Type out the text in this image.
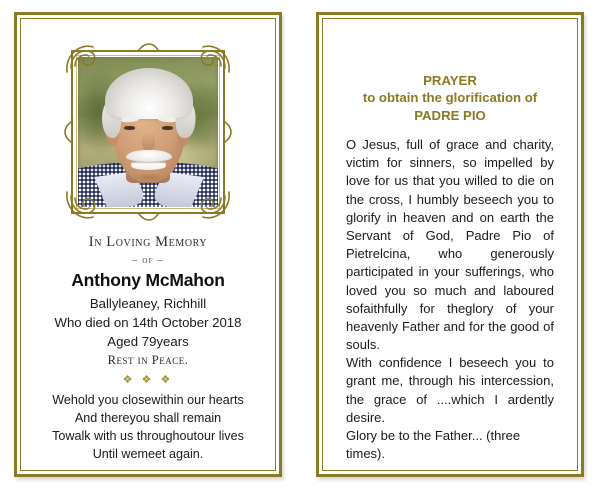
In Loving Memory
– of –
Anthony McMahon
Ballyleaney, Richhill
Who died on 14th October 2018
Aged 79years
Rest in Peace.
❖ ❖ ❖
Wehold you closewithin our hearts
And thereyou shall remain
Towalk with us throughoutour lives
Until wemeet again.
PRAYER
to obtain the glorification of
PADRE PIO

O Jesus, full of grace and charity, victim for sinners, so impelled by love for us that you willed to die on the cross, I humbly beseech you to glorify in heaven and on earth the Servant of God, Padre Pio of Pietrelcina, who generously participated in your sufferings, who loved you so much and laboured sofaithfully for theglory of your heavenly Father and for the good of souls.

With confidence I beseech you to grant me, through his intercession, the grace of ....which I ardently desire.

Glory be to the Father... (three times).
